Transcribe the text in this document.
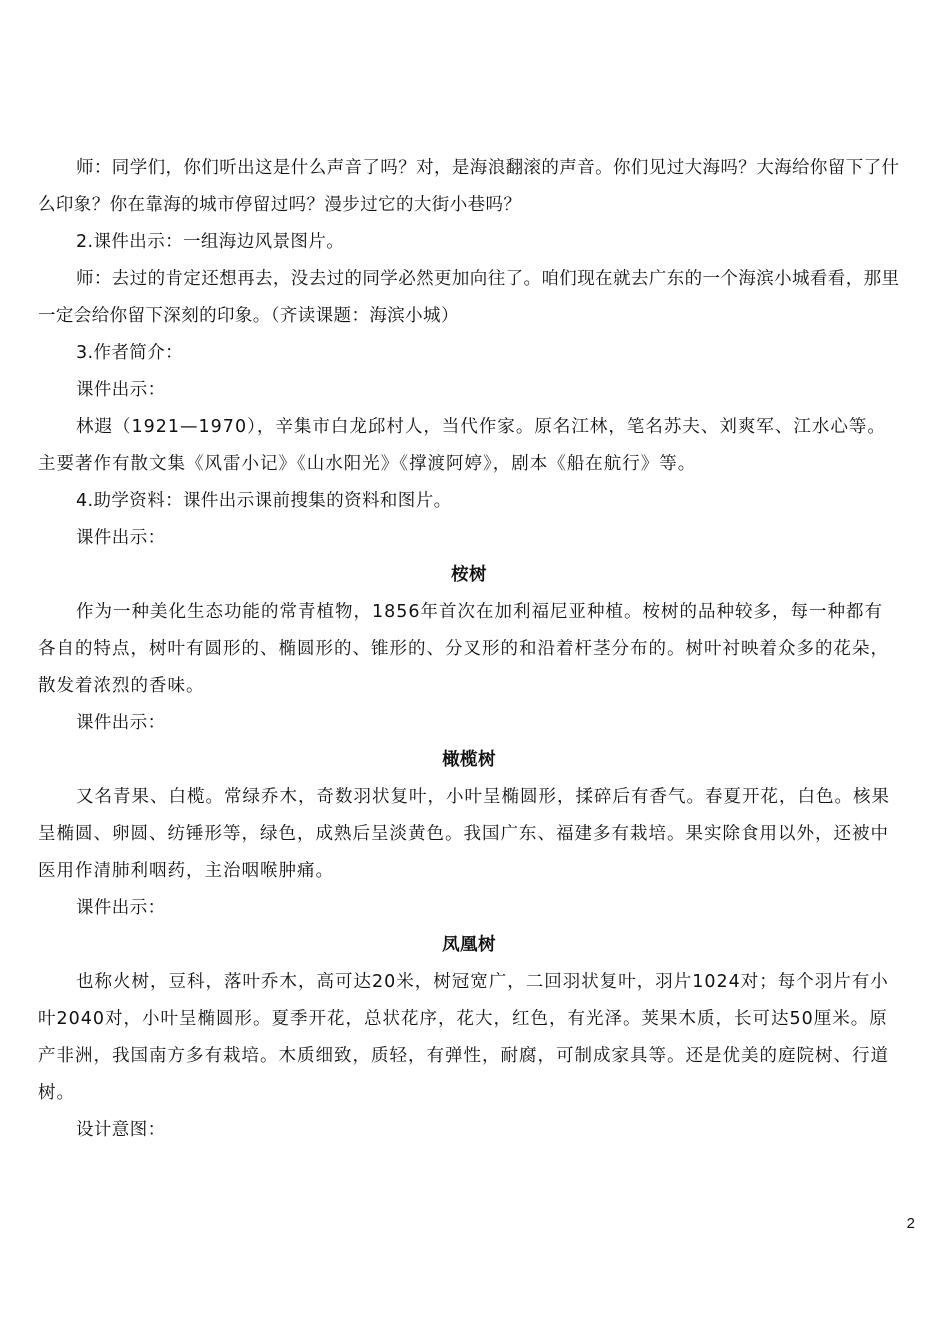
师：同学们，你们听出这是什么声音了吗？对，是海浪翻滚的声音。你们见过大海吗？大海给你留下了什么印象？你在靠海的城市停留过吗？漫步过它的大街小巷吗？

2.课件出示：一组海边风景图片。

师：去过的肯定还想再去，没去过的同学必然更加向往了。咱们现在就去广东的一个海滨小城看看，那里一定会给你留下深刻的印象。（齐读课题：海滨小城）

3.作者简介：

课件出示：

林遐（1921—1970），辛集市白龙邱村人，当代作家。原名江林，笔名苏夫、刘爽军、江水心等。主要著作有散文集《风雷小记》《山水阳光》《撑渡阿婷》，剧本《船在航行》等。

4.助学资料：课件出示课前搜集的资料和图片。

课件出示：

桉树

作为一种美化生态功能的常青植物，1856年首次在加利福尼亚种植。桉树的品种较多，每一种都有各自的特点，树叶有圆形的、椭圆形的、锥形的、分叉形的和沿着杆茎分布的。树叶衬映着众多的花朵，散发着浓烈的香味。

课件出示：

橄榄树

又名青果、白榄。常绿乔木，奇数羽状复叶，小叶呈椭圆形，揉碎后有香气。春夏开花，白色。核果呈椭圆、卵圆、纺锤形等，绿色，成熟后呈淡黄色。我国广东、福建多有栽培。果实除食用以外，还被中医用作清肺利咽药，主治咽喉肿痛。

课件出示：

凤凰树

也称火树，豆科，落叶乔木，高可达20米，树冠宽广，二回羽状复叶，羽片1024对；每个羽片有小叶2040对，小叶呈椭圆形。夏季开花，总状花序，花大，红色，有光泽。荚果木质，长可达50厘米。原产非洲，我国南方多有栽培。木质细致，质轻，有弹性，耐腐，可制成家具等。还是优美的庭院树、行道树。

设计意图：

2
